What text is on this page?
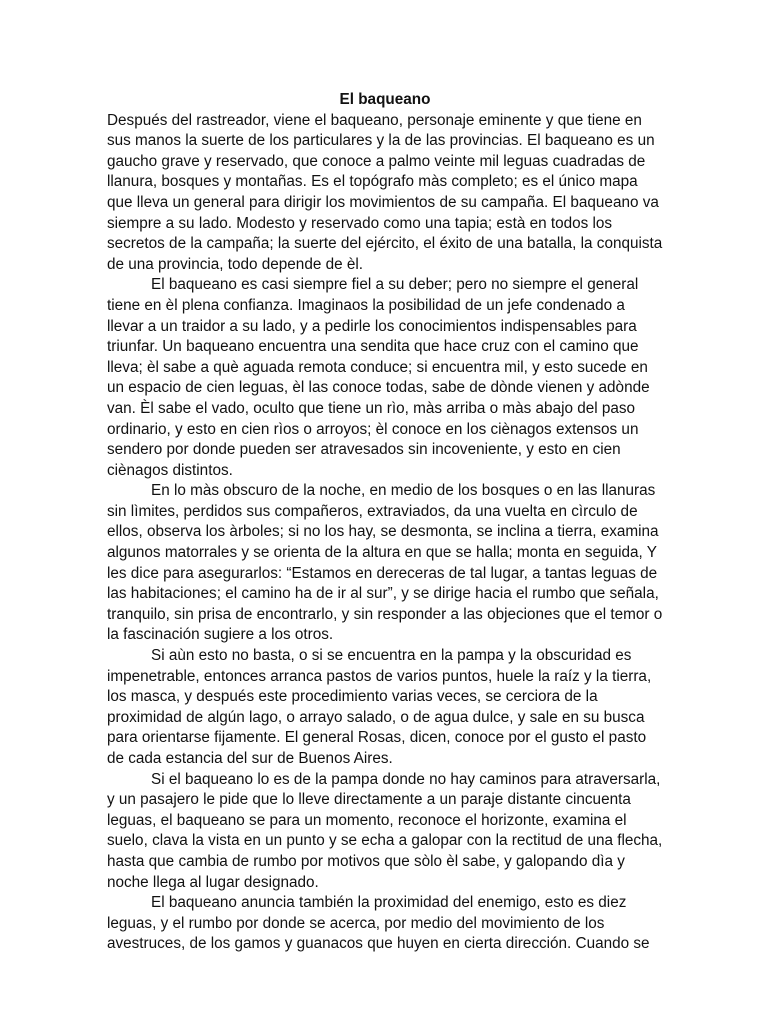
El baqueano

Después del rastreador, viene el baqueano, personaje eminente y que tiene en sus manos la suerte de los particulares y la de las provincias. El baqueano es un gaucho grave y reservado, que conoce a palmo veinte mil leguas cuadradas de llanura, bosques y montañas. Es el topógrafo màs completo; es el único mapa que lleva un general para dirigir los movimientos de su campaña. El baqueano va siempre a su lado. Modesto y reservado como una tapia; està en todos los secretos de la campaña; la suerte del ejército, el éxito de una batalla, la conquista de una provincia, todo depende de èl.

El baqueano es casi siempre fiel a su deber; pero no siempre el general tiene en èl plena confianza. Imaginaos la posibilidad de un jefe condenado a llevar a un traidor a su lado, y a pedirle los conocimientos indispensables para triunfar. Un baqueano encuentra una sendita que hace cruz con el camino que lleva; èl sabe a què aguada remota conduce; si encuentra mil, y esto sucede en un espacio de cien leguas, èl las conoce todas, sabe de dònde vienen y adònde van. Èl sabe el vado, oculto que tiene un rìo, màs arriba o màs abajo del paso ordinario, y esto en cien rìos o arroyos; èl conoce en los ciènagos extensos un sendero por donde pueden ser atravesados sin incoveniente, y esto en cien ciènagos distintos.

En lo màs obscuro de la noche, en medio de los bosques o en las llanuras sin lìmites, perdidos sus compañeros, extraviados, da una vuelta en cìrculo de ellos, observa los àrboles; si no los hay, se desmonta, se inclina a tierra, examina algunos matorrales y se orienta de la altura en que se halla; monta en seguida, Y les dice para asegurarlos: “Estamos en dereceras de tal lugar, a tantas leguas de las habitaciones; el camino ha de ir al sur”, y se dirige hacia el rumbo que señala, tranquilo, sin prisa de encontrarlo, y sin responder a las objeciones que el temor o la fascinación sugiere a los otros.

Si aùn esto no basta, o si se encuentra en la pampa y la obscuridad es impenetrable, entonces arranca pastos de varios puntos, huele la raíz y la tierra, los masca, y después este procedimiento varias veces, se cerciora de la proximidad de algún lago, o arrayo salado, o de agua dulce, y sale en su busca para orientarse fijamente. El general Rosas, dicen, conoce por el gusto el pasto de cada estancia del sur de Buenos Aires.

Si el baqueano lo es de la pampa donde no hay caminos para atraversarla, y un pasajero le pide que lo lleve directamente a un paraje distante cincuenta leguas, el baqueano se para un momento, reconoce el horizonte, examina el suelo, clava la vista en un punto y se echa a galopar con la rectitud de una flecha, hasta que cambia de rumbo por motivos que sòlo èl sabe, y galopando dìa y noche llega al lugar designado.

El baqueano anuncia también la proximidad del enemigo, esto es diez leguas, y el rumbo por donde se acerca, por medio del movimiento de los avestruces, de los gamos y guanacos que huyen en cierta dirección. Cuando se
